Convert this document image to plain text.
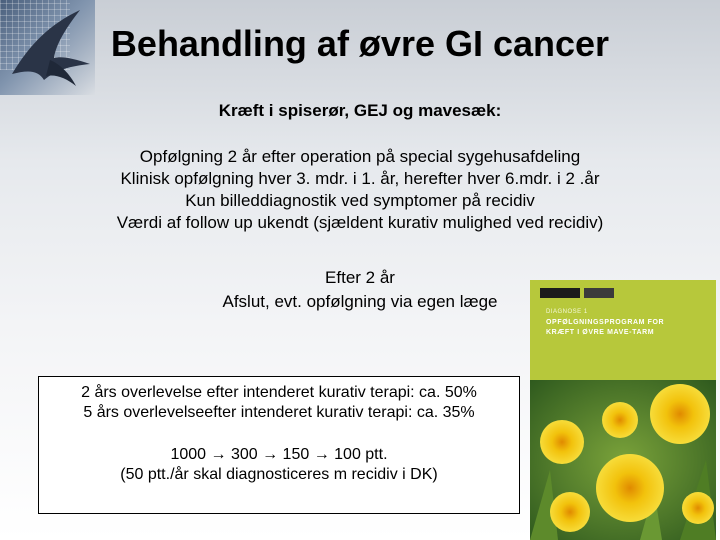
Behandling af øvre GI cancer
Kræft i spiserør, GEJ og mavesæk:
Opfølgning 2 år efter operation på special sygehusafdeling
Klinisk opfølgning hver 3. mdr. i 1. år, herefter hver 6.mdr. i 2 .år
Kun billeddiagnostik ved symptomer på recidiv
Værdi af follow up ukendt (sjældent kurativ mulighed ved recidiv)
Efter 2 år
Afslut, evt. opfølgning via egen læge
2 års overlevelse efter intenderet kurativ terapi: ca. 50%
5 års overlevelseefter intenderet kurativ terapi: ca. 35%
1000 → 300 → 150 → 100 ptt.
(50 ptt./år skal diagnosticeres m recidiv i DK)
DIAGNOSE 1
OPFØLGNINGSPROGRAM FOR
KRÆFT I ØVRE MAVE-TARM
